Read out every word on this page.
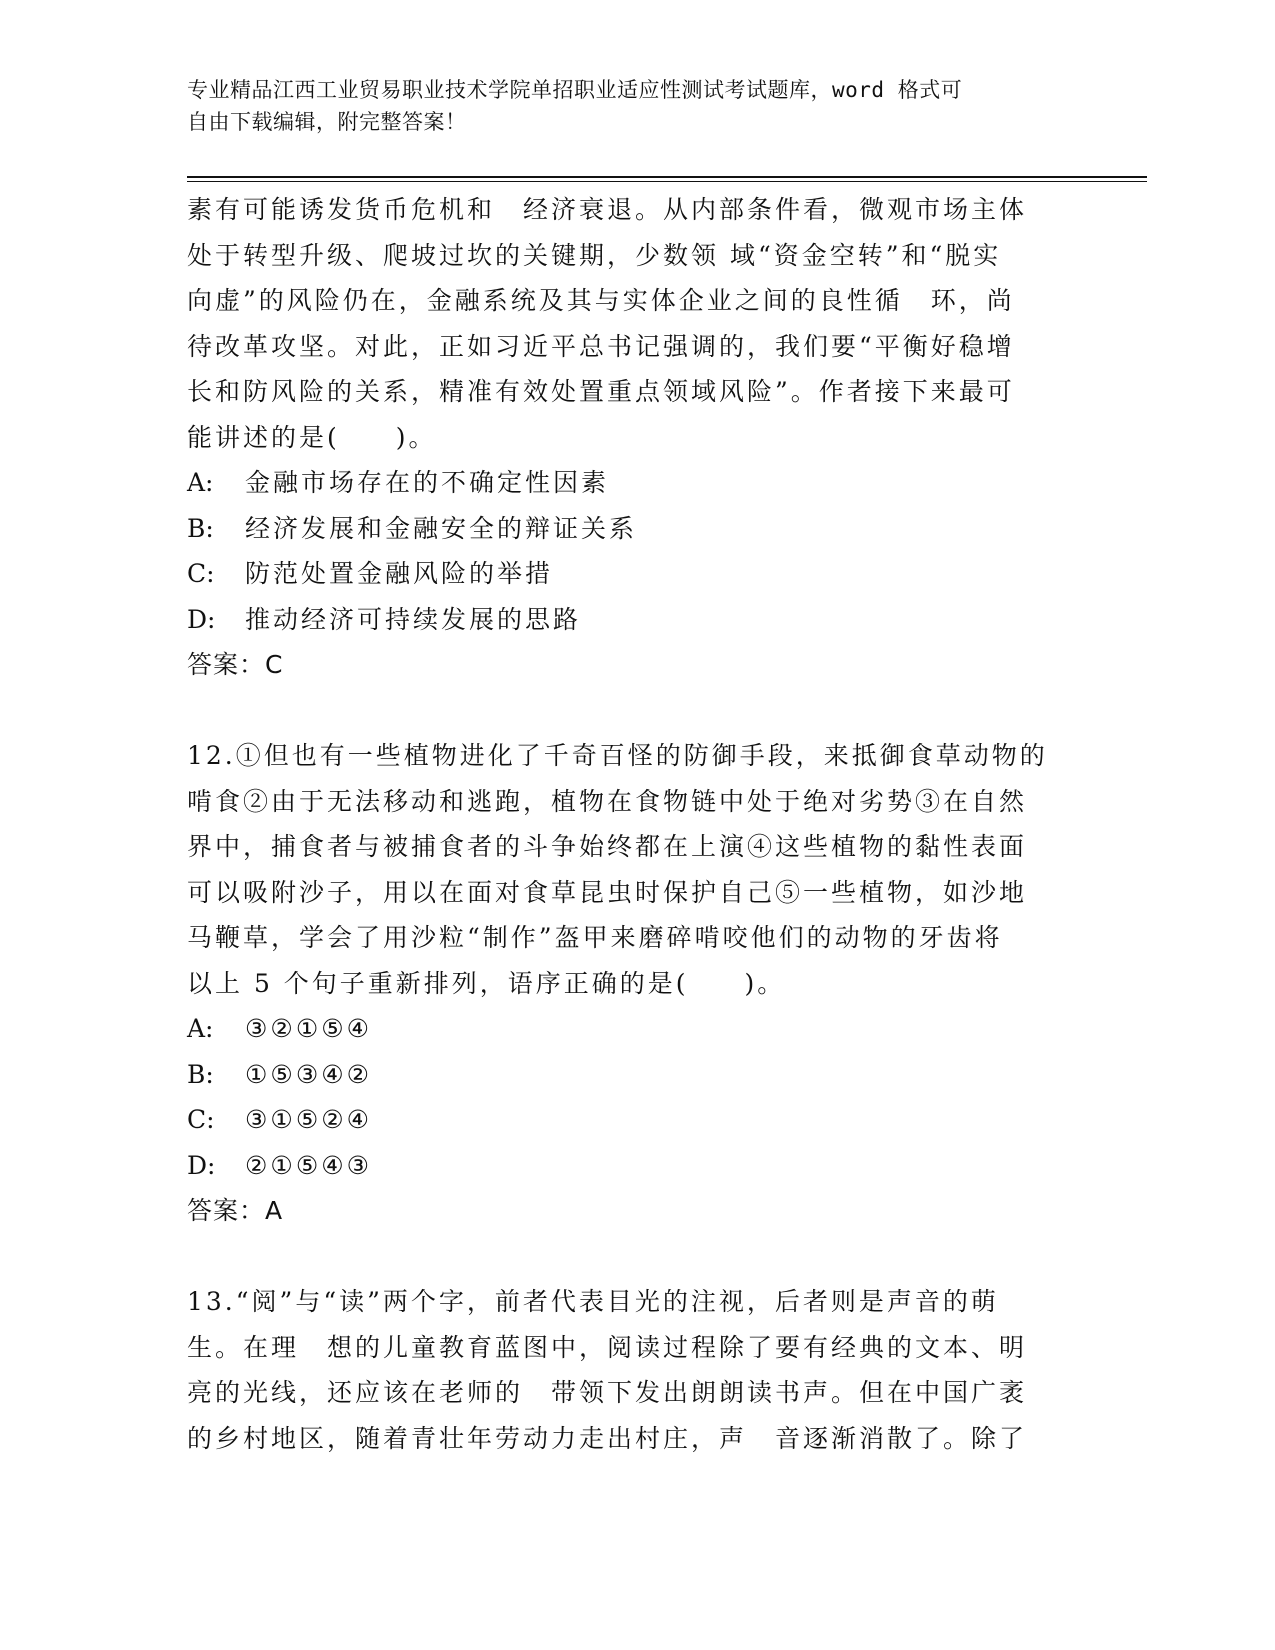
专业精品江西工业贸易职业技术学院单招职业适应性测试考试题库，word 格式可
自由下载编辑，附完整答案！
素有可能诱发货币危机和　经济衰退。从内部条件看，微观市场主体
处于转型升级、爬坡过坎的关键期，少数领 域“资金空转”和“脱实
向虚”的风险仍在，金融系统及其与实体企业之间的良性循　环，尚
待改革攻坚。对此，正如习近平总书记强调的，我们要“平衡好稳增
长和防风险的关系，精准有效处置重点领域风险”。作者接下来最可
能讲述的是(　　)。
A:	金融市场存在的不确定性因素
B:	经济发展和金融安全的辩证关系
C:	防范处置金融风险的举措
D:	推动经济可持续发展的思路
答案：C
12.①但也有一些植物进化了千奇百怪的防御手段，来抵御食草动物的
啃食②由于无法移动和逃跑，植物在食物链中处于绝对劣势③在自然
界中，捕食者与被捕食者的斗争始终都在上演④这些植物的黏性表面
可以吸附沙子，用以在面对食草昆虫时保护自己⑤一些植物，如沙地
马鞭草，学会了用沙粒“制作”盔甲来磨碎啃咬他们的动物的牙齿将
以上 5 个句子重新排列，语序正确的是(　　)。
A:	③②①⑤④
B:	①⑤③④②
C:	③①⑤②④
D:	②①⑤④③
答案：A
13.“阅”与“读”两个字，前者代表目光的注视，后者则是声音的萌
生。在理　想的儿童教育蓝图中，阅读过程除了要有经典的文本、明
亮的光线，还应该在老师的　带领下发出朗朗读书声。但在中国广袤
的乡村地区，随着青壮年劳动力走出村庄，声　音逐渐消散了。除了
